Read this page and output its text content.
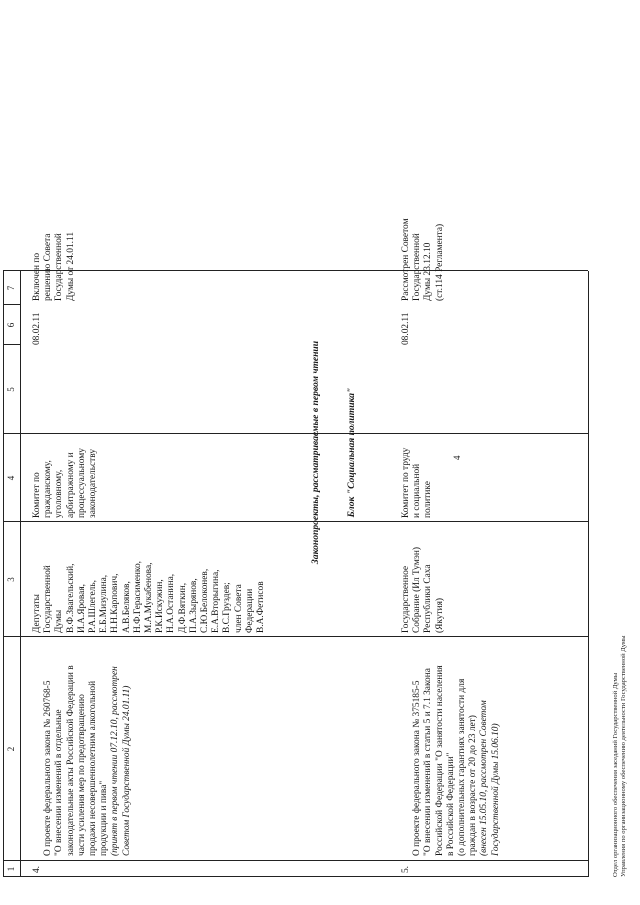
4
1
2
3
4
5
6
7
4.

О проекте федерального закона № 260768-5
"О внесении изменений в отдельные
законодательные акты Российской Федерации в
части усиления мер по предотвращению
продажи несовершеннолетним алкогольной
продукции и пива"

(принят в первом чтении 07.12.10, рассмотрен
Советом Государственной Думы 24.01.11)

Депутаты
Государственной
Думы
В.Ф.Звагельский,
И.А.Яровая,
Р.А.Шлегель,
Е.Б.Мизулина,
Н.Н.Карпович,
А.В.Беляков,
Н.Ф.Герасименко,
М.А.Мукабенова,
Р.К.Искужин,
Н.А.Останина,
Д.Ф.Вяткин,
П.А.Зырянов,
С.Ю.Белоконев,
Е.А.Вторыгина,
В.С.Груздев;
член Совета
Федерации
В.А.Фетисов
Комитет по
гражданскому,
уголовному,
арбитражному и
процессуальному
законодательству
08.02.11
Включен по
решению Совета
Государственной
Думы от 24.01.11
Законопроекты, рассматриваемые в первом чтении	Блок "Социальная политика"
5.

О проекте федерального закона № 375185-5
"О внесении изменений в статьи 5 и 7.1 Закона
Российской Федерации "О занятости населения
в Российской Федерации"
(о дополнительных гарантиях занятости для
граждан в возрасте от 20 до 23 лет)

(внесен 15.05.10, рассмотрен Советом
Государственной Думы 15.06.10)

Государственное
Собрание (Ил Тумэн)
Республики Саха
(Якутия)
Комитет по труду
и социальной
политике
08.02.11
Рассмотрен Советом
Государственной
Думы 23.12.10
(ст.114 Регламента)
Отдел организационного обеспечения заседаний Государственной Думы Управления по организационному обеспечению деятельности Государственной Думы
